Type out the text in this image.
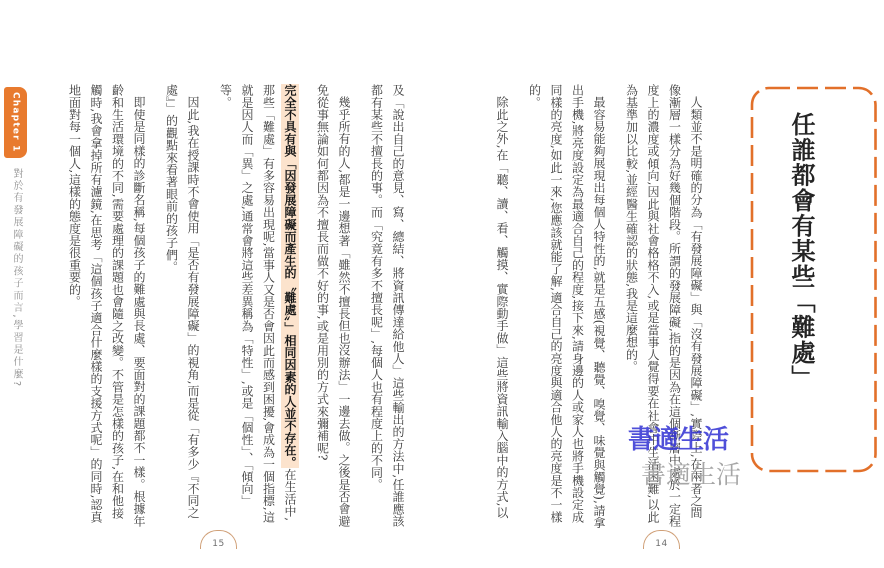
Chapter 1
對於有發展障礙的孩子而言,學習是什麼?	任誰都會有某些「難處」

人類並不是明確的分為「有發展障礙」與「沒有發展障礙」,實際上,在兩者之間像漸層一樣分為好幾個階段。所謂的發展障礙,指的是因為在這個漸層中處於一定程度上的濃度或傾向,因此與社會格格不入,或是當事人覺得要在社會中生活困難,以此為基準加以比較,並經醫生確認的狀態,我是這麼想的。

最容易能夠展現出每個人特性的,就是五感(視覺、聽覺、嗅覺、味覺與觸覺),請拿出手機,將亮度設定為最適合自己的程度,接下來,請身邊的人或家人也將手機設定成同樣的亮度,如此一來,您應該就能了解,適合自己的亮度與適合他人的亮度是不一樣的。

除此之外,在「聽、讀、看、觸摸、實際動手做」這些將資訊輸入腦中的方式,以

及「說出自己的意見、寫、總結、將資訊傳達給他人」這些輸出的方法中,任誰應該都有某些不擅長的事。而「究竟有多不擅長呢」,每個人也有程度上的不同。

幾乎所有的人,都是一邊想著「雖然不擅長但也沒辦法」一邊去做。之後是否會避免從事無論如何都因為不擅長而做不好的事,或是用別的方式來彌補呢?

完全不具有與「因發展障礙而產生的〝難處〞」相同因素的人並不存在。在生活中,那些「難處」有多容易出現呢,當事人又是否會因此而感到困擾,會成為一個指標,這就是因人而「異」之處,通常會將這些差異稱為「特性」,或是「個性」、「傾向」等。

因此,我在授課時不會使用「是否有發展障礙」的視角,而是從「有多少『不同之處』」的觀點來看著眼前的孩子們。

即使是同樣的診斷名稱,每個孩子的難處與長處、要面對的課題都不一樣。根據年齡和生活環境的不同,需要處理的課題也會隨之改變。不管是怎樣的孩子,在和他接觸時,我會拿掉所有濾鏡,在思考「這個孩子適合什麼樣的支援方式呢」的同時,認真地面對每一個人,這樣的態度是很重要的。

15	14
書適生活
書適生活
